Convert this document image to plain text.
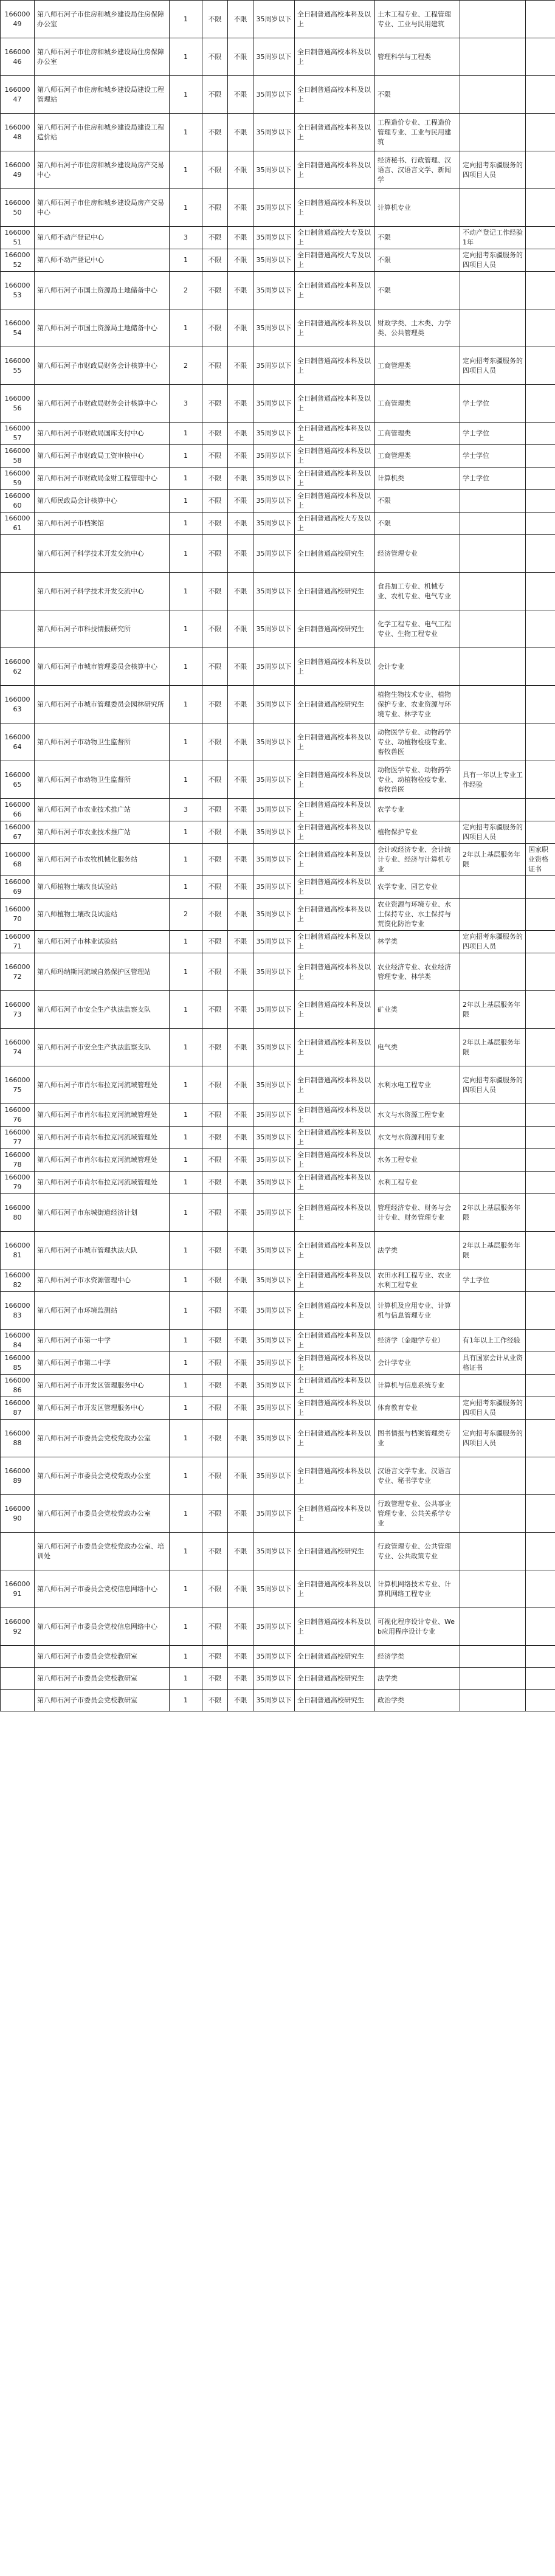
16600049	第八师石河子市住房和城乡建设局住房保障办公室	1	不限	不限	35周岁以下	全日制普通高校本科及以上	土木工程专业、工程管理专业、工业与民用建筑		
16600046	第八师石河子市住房和城乡建设局住房保障办公室	1	不限	不限	35周岁以下	全日制普通高校本科及以上	管理科学与工程类		
16600047	第八师石河子市住房和城乡建设局建设工程管理站	1	不限	不限	35周岁以下	全日制普通高校本科及以上	不限		
16600048	第八师石河子市住房和城乡建设局建设工程造价站	1	不限	不限	35周岁以下	全日制普通高校本科及以上	工程造价专业、工程造价管理专业、工业与民用建筑		
16600049	第八师石河子市住房和城乡建设局房产交易中心	1	不限	不限	35周岁以下	全日制普通高校本科及以上	经济秘书、行政管理、汉语言、汉语言文学、新闻学	定向招考东疆服务的四项目人员	
16600050	第八师石河子市住房和城乡建设局房产交易中心	1	不限	不限	35周岁以下	全日制普通高校本科及以上	计算机专业		
16600051	第八师不动产登记中心	3	不限	不限	35周岁以下	全日制普通高校大专及以上	不限	不动产登记工作经验1年	
16600052	第八师不动产登记中心	1	不限	不限	35周岁以下	全日制普通高校大专及以上	不限	定向招考东疆服务的四项目人员	
16600053	第八师石河子市国土资源局土地储备中心	2	不限	不限	35周岁以下	全日制普通高校本科及以上	不限		
16600054	第八师石河子市国土资源局土地储备中心	1	不限	不限	35周岁以下	全日制普通高校本科及以上	财政学类、土木类、力学类、公共管理类		
16600055	第八师石河子市财政局财务会计核算中心	2	不限	不限	35周岁以下	全日制普通高校本科及以上	工商管理类	定向招考东疆服务的四项目人员	
16600056	第八师石河子市财政局财务会计核算中心	3	不限	不限	35周岁以下	全日制普通高校本科及以上	工商管理类	学士学位	
16600057	第八师石河子市财政局国库支付中心	1	不限	不限	35周岁以下	全日制普通高校本科及以上	工商管理类	学士学位	
16600058	第八师石河子市财政局工资审核中心	1	不限	不限	35周岁以下	全日制普通高校本科及以上	工商管理类	学士学位	
16600059	第八师石河子市财政局金财工程管理中心	1	不限	不限	35周岁以下	全日制普通高校本科及以上	计算机类	学士学位	
16600060	第八师民政局会计核算中心	1	不限	不限	35周岁以下	全日制普通高校本科及以上	不限		
16600061	第八师石河子市档案馆	1	不限	不限	35周岁以下	全日制普通高校大专及以上	不限		
	第八师石河子科学技术开发交流中心	1	不限	不限	35周岁以下	全日制普通高校研究生	经济管理专业		
	第八师石河子科学技术开发交流中心	1	不限	不限	35周岁以下	全日制普通高校研究生	食品加工专业、机械专业、农机专业、电气专业		
	第八师石河子市科技情报研究所	1	不限	不限	35周岁以下	全日制普通高校研究生	化学工程专业、电气工程专业、生物工程专业		
16600062	第八师石河子市城市管理委员会核算中心	1	不限	不限	35周岁以下	全日制普通高校本科及以上	会计专业		
16600063	第八师石河子市城市管理委员会园林研究所	1	不限	不限	35周岁以下	全日制普通高校研究生	植物生物技术专业、植物保护专业、农业资源与环境专业、林学专业		
16600064	第八师石河子市动物卫生监督所	1	不限	不限	35周岁以下	全日制普通高校本科及以上	动物医学专业、动物药学专业、动植物检疫专业、畜牧兽医		
16600065	第八师石河子市动物卫生监督所	1	不限	不限	35周岁以下	全日制普通高校本科及以上	动物医学专业、动物药学专业、动植物检疫专业、畜牧兽医	具有一年以上专业工作经验	
16600066	第八师石河子市农业技术推广站	3	不限	不限	35周岁以下	全日制普通高校本科及以上	农学专业		
16600067	第八师石河子市农业技术推广站	1	不限	不限	35周岁以下	全日制普通高校本科及以上	植物保护专业	定向招考东疆服务的四项目人员	
16600068	第八师石河子市农牧机械化服务站	1	不限	不限	35周岁以下	全日制普通高校本科及以上	会计或经济专业、会计统计专业、经济与计算机专业	2年以上基层服务年限	国家职业资格证书
16600069	第八师植物土壤改良试验站	1	不限	不限	35周岁以下	全日制普通高校本科及以上	农学专业、园艺专业		
16600070	第八师植物土壤改良试验站	2	不限	不限	35周岁以下	全日制普通高校本科及以上	农业资源与环境专业、水土保持专业、水土保持与荒漠化防治专业		
16600071	第八师石河子市林业试验站	1	不限	不限	35周岁以下	全日制普通高校本科及以上	林学类	定向招考东疆服务的四项目人员	
16600072	第八师玛纳斯河流域自然保护区管理站	1	不限	不限	35周岁以下	全日制普通高校本科及以上	农业经济专业、农业经济管理专业、林学类		
16600073	第八师石河子市安全生产执法监察支队	1	不限	不限	35周岁以下	全日制普通高校本科及以上	矿业类	2年以上基层服务年限	
16600074	第八师石河子市安全生产执法监察支队	1	不限	不限	35周岁以下	全日制普通高校本科及以上	电气类	2年以上基层服务年限	
16600075	第八师石河子市肖尔布拉克河流域管理处	1	不限	不限	35周岁以下	全日制普通高校本科及以上	水利水电工程专业	定向招考东疆服务的四项目人员	
16600076	第八师石河子市肖尔布拉克河流域管理处	1	不限	不限	35周岁以下	全日制普通高校本科及以上	水文与水资源工程专业		
16600077	第八师石河子市肖尔布拉克河流域管理处	1	不限	不限	35周岁以下	全日制普通高校本科及以上	水文与水资源利用专业		
16600078	第八师石河子市肖尔布拉克河流域管理处	1	不限	不限	35周岁以下	全日制普通高校本科及以上	水务工程专业		
16600079	第八师石河子市肖尔布拉克河流域管理处	1	不限	不限	35周岁以下	全日制普通高校本科及以上	水利工程专业		
16600080	第八师石河子市东城街道经济计划	1	不限	不限	35周岁以下	全日制普通高校本科及以上	管理经济专业、财务与会计专业、财务管理专业	2年以上基层服务年限	
16600081	第八师石河子市城市管理执法大队	1	不限	不限	35周岁以下	全日制普通高校本科及以上	法学类	2年以上基层服务年限	
16600082	第八师石河子市水资源管理中心	1	不限	不限	35周岁以下	全日制普通高校本科及以上	农田水利工程专业、农业水利工程专业	学士学位	
16600083	第八师石河子市环境监测站	1	不限	不限	35周岁以下	全日制普通高校本科及以上	计算机及应用专业、计算机与信息管理专业		
16600084	第八师石河子市第一中学	1	不限	不限	35周岁以下	全日制普通高校本科及以上	经济学（金融学专业）	有1年以上工作经验	
16600085	第八师石河子市第二中学	1	不限	不限	35周岁以下	全日制普通高校本科及以上	会计学专业	具有国家会计从业资格证书	
16600086	第八师石河子市开发区管理服务中心	1	不限	不限	35周岁以下	全日制普通高校本科及以上	计算机与信息系统专业		
16600087	第八师石河子市开发区管理服务中心	1	不限	不限	35周岁以下	全日制普通高校本科及以上	体育教育专业	定向招考东疆服务的四项目人员	
16600088	第八师石河子市委员会党校党政办公室	1	不限	不限	35周岁以下	全日制普通高校本科及以上	图书情报与档案管理类专业	定向招考东疆服务的四项目人员	
16600089	第八师石河子市委员会党校党政办公室	1	不限	不限	35周岁以下	全日制普通高校本科及以上	汉语言文学专业、汉语言专业、秘书学专业		
16600090	第八师石河子市委员会党校党政办公室	1	不限	不限	35周岁以下	全日制普通高校本科及以上	行政管理专业、公共事业管理专业、公共关系学专业		
	第八师石河子市委员会党校党政办公室、培训处	1	不限	不限	35周岁以下	全日制普通高校研究生	行政管理专业、公共管理专业、公共政策专业		
16600091	第八师石河子市委员会党校信息网络中心	1	不限	不限	35周岁以下	全日制普通高校本科及以上	计算机网络技术专业、计算机网络工程专业		
16600092	第八师石河子市委员会党校信息网络中心	1	不限	不限	35周岁以下	全日制普通高校本科及以上	可视化程序设计专业、Web应用程序设计专业		
	第八师石河子市委员会党校教研室	1	不限	不限	35周岁以下	全日制普通高校研究生	经济学类		
	第八师石河子市委员会党校教研室	1	不限	不限	35周岁以下	全日制普通高校研究生	法学类		
	第八师石河子市委员会党校教研室	1	不限	不限	35周岁以下	全日制普通高校研究生	政治学类		
